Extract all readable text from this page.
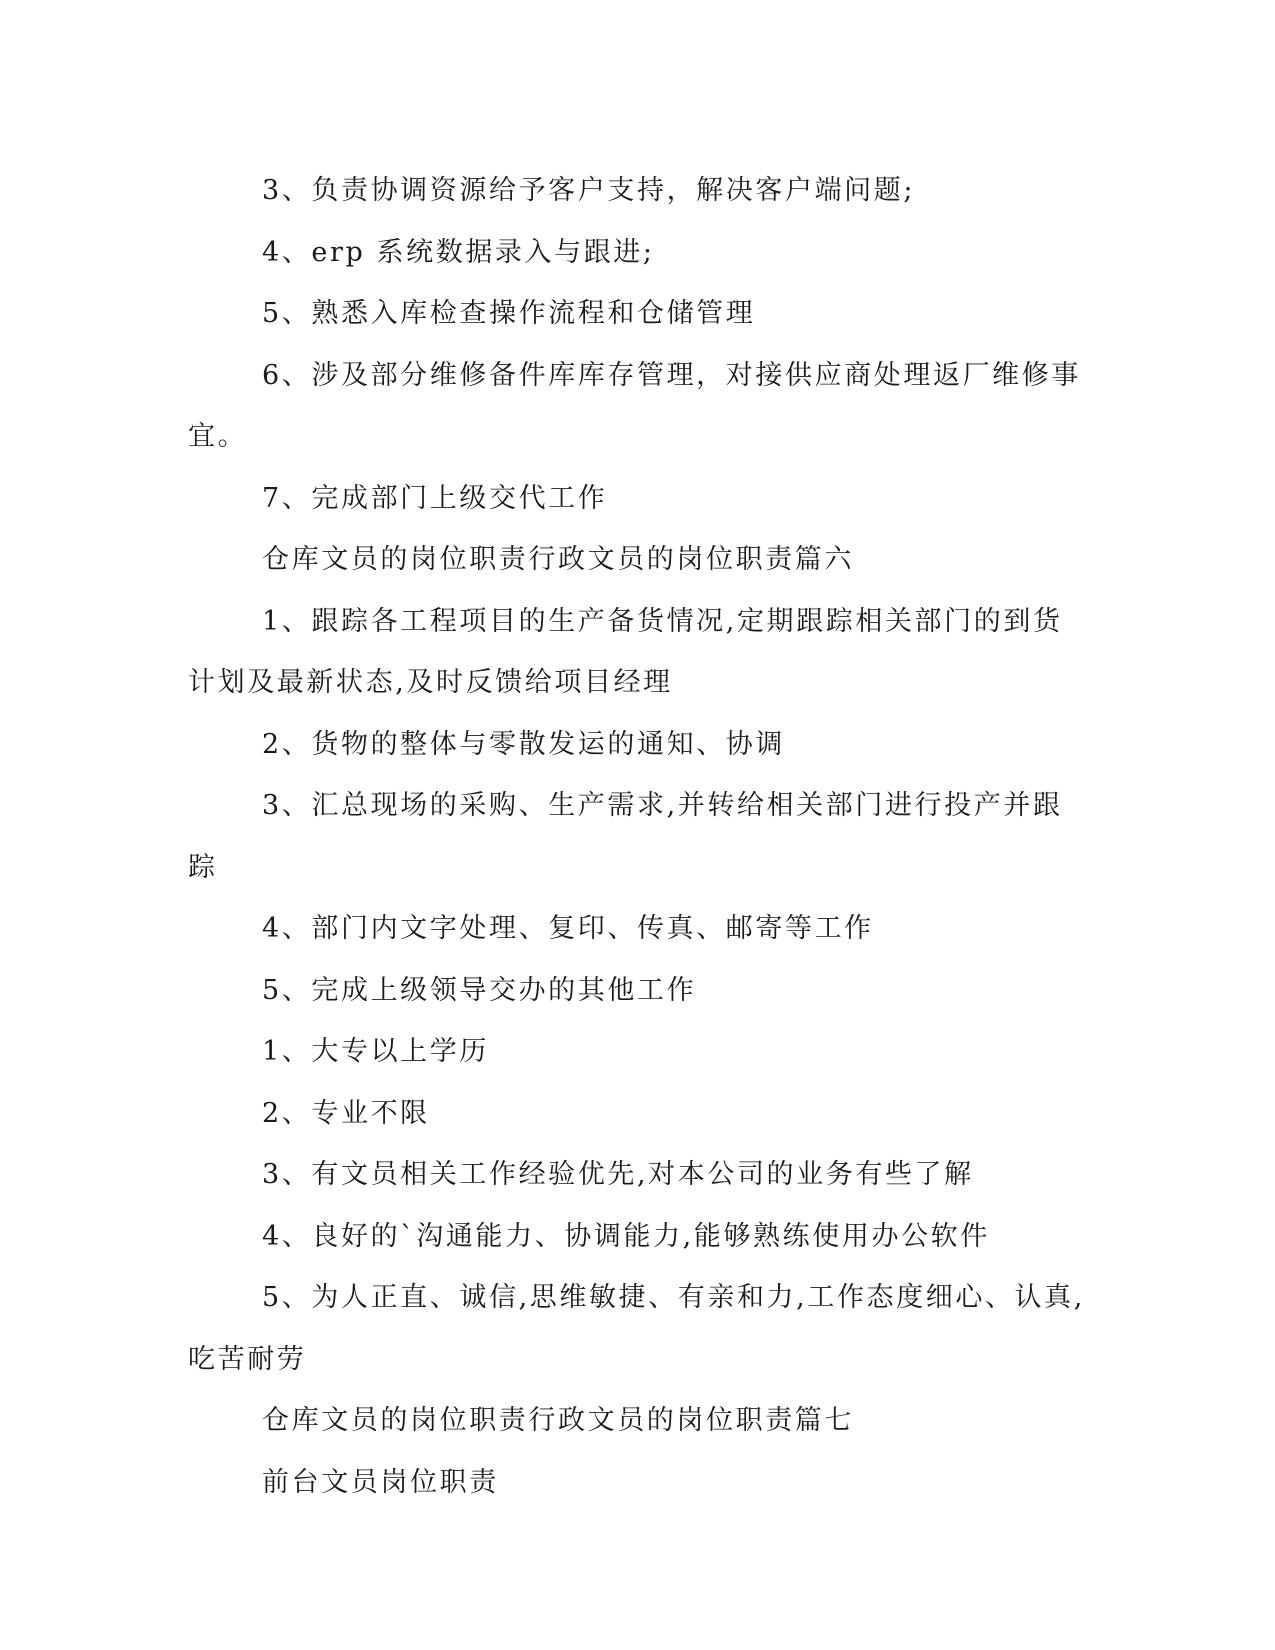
3、负责协调资源给予客户支持，解决客户端问题;

4、erp 系统数据录入与跟进;

5、熟悉入库检查操作流程和仓储管理

6、涉及部分维修备件库库存管理，对接供应商处理返厂维修事宜。

7、完成部门上级交代工作

仓库文员的岗位职责行政文员的岗位职责篇六

1、跟踪各工程项目的生产备货情况,定期跟踪相关部门的到货计划及最新状态,及时反馈给项目经理

2、货物的整体与零散发运的通知、协调

3、汇总现场的采购、生产需求,并转给相关部门进行投产并跟踪

4、部门内文字处理、复印、传真、邮寄等工作

5、完成上级领导交办的其他工作

1、大专以上学历

2、专业不限

3、有文员相关工作经验优先,对本公司的业务有些了解

4、良好的`沟通能力、协调能力,能够熟练使用办公软件

5、为人正直、诚信,思维敏捷、有亲和力,工作态度细心、认真,吃苦耐劳

仓库文员的岗位职责行政文员的岗位职责篇七

前台文员岗位职责
